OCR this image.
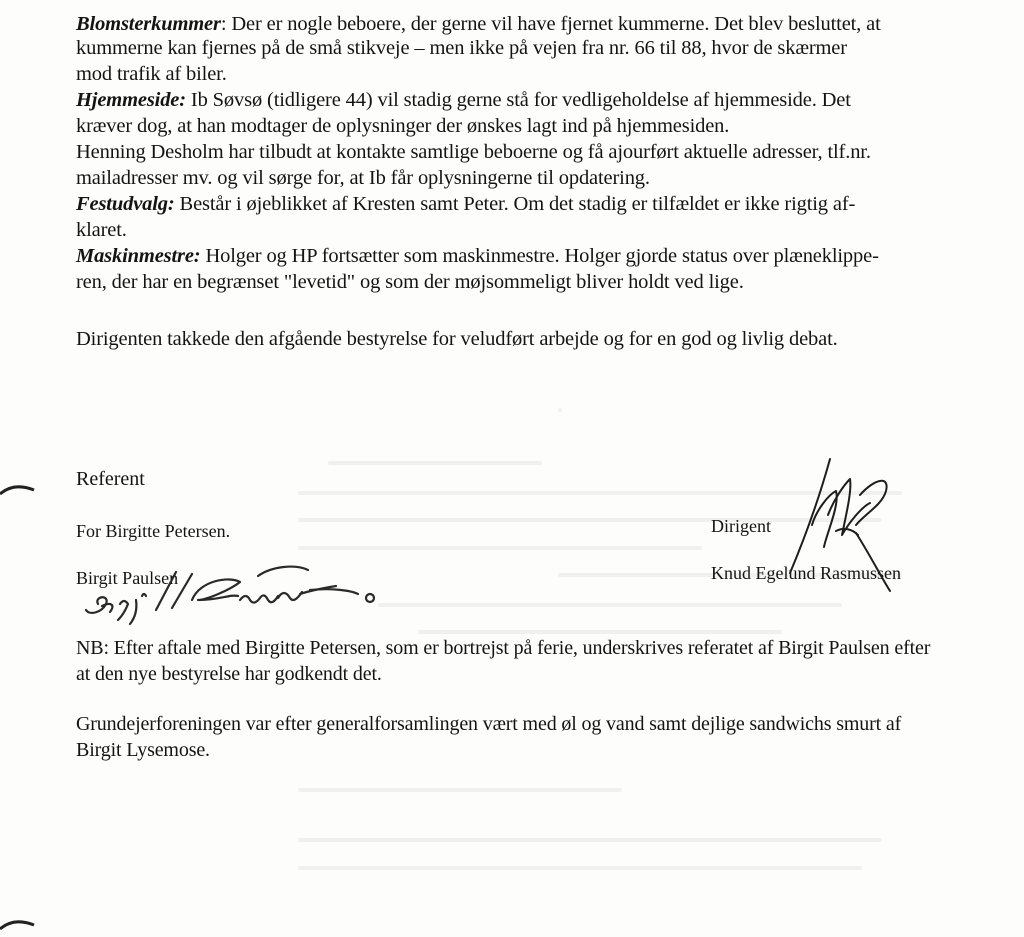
Blomsterkummer: Der er nogle beboere, der gerne vil have fjernet kummerne. Det blev besluttet, at
kummerne kan fjernes på de små stikveje – men ikke på vejen fra nr. 66 til 88, hvor de skærmer
mod trafik af biler.
Hjemmeside: Ib Søvsø (tidligere 44) vil stadig gerne stå for vedligeholdelse af hjemmeside. Det
kræver dog, at han modtager de oplysninger der ønskes lagt ind på hjemmesiden.
Henning Desholm har tilbudt at kontakte samtlige beboerne og få ajourført aktuelle adresser, tlf.nr.
mailadresser mv. og vil sørge for, at Ib får oplysningerne til opdatering.
Festudvalg: Består i øjeblikket af Kresten samt Peter. Om det stadig er tilfældet er ikke rigtig af-
klaret.
Maskinmestre: Holger og HP fortsætter som maskinmestre. Holger gjorde status over plæneklippe-
ren, der har en begrænset "levetid" og som der møjsommeligt bliver holdt ved lige.
Dirigenten takkede den afgående bestyrelse for veludført arbejde og for en god og livlig debat.
Referent
For Birgitte Petersen.
Birgit Paulsen
Dirigent
Knud Egelund Rasmussen
NB: Efter aftale med Birgitte Petersen, som er bortrejst på ferie, underskrives referatet af Birgit Paulsen efter
at den nye bestyrelse har godkendt det.
Grundejerforeningen var efter generalforsamlingen vært med øl og vand samt dejlige sandwichs smurt af
Birgit Lysemose.
